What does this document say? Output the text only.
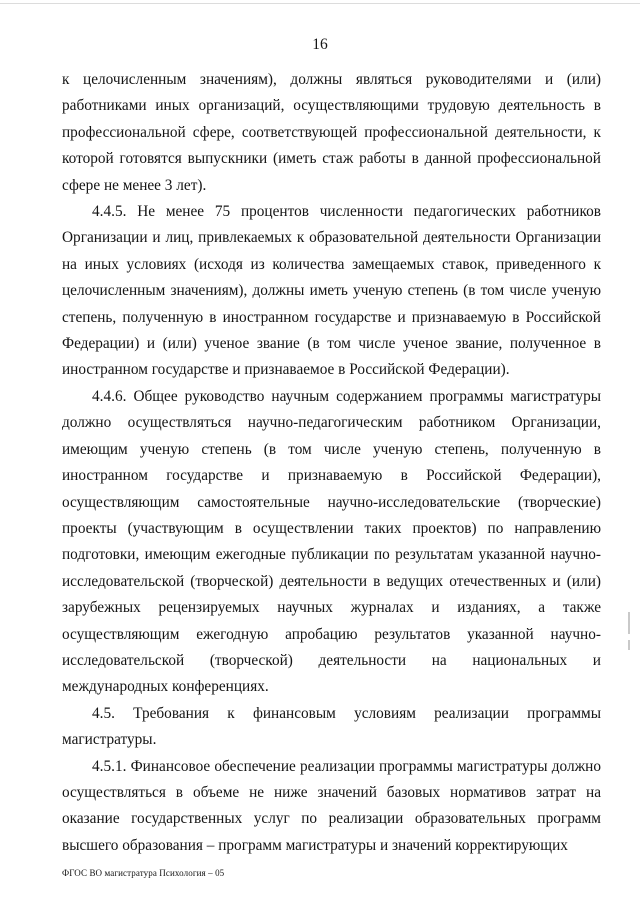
16

к целочисленным значениям), должны являться руководителями и (или) работниками иных организаций, осуществляющими трудовую деятельность в профессиональной сфере, соответствующей профессиональной деятельности, к которой готовятся выпускники (иметь стаж работы в данной профессиональной сфере не менее 3 лет).

4.4.5. Не менее 75 процентов численности педагогических работников Организации и лиц, привлекаемых к образовательной деятельности Организации на иных условиях (исходя из количества замещаемых ставок, приведенного к целочисленным значениям), должны иметь ученую степень (в том числе ученую степень, полученную в иностранном государстве и признаваемую в Российской Федерации) и (или) ученое звание (в том числе ученое звание, полученное в иностранном государстве и признаваемое в Российской Федерации).

4.4.6. Общее руководство научным содержанием программы магистратуры должно осуществляться научно-педагогическим работником Организации, имеющим ученую степень (в том числе ученую степень, полученную в иностранном государстве и признаваемую в Российской Федерации), осуществляющим самостоятельные научно-исследовательские (творческие) проекты (участвующим в осуществлении таких проектов) по направлению подготовки, имеющим ежегодные публикации по результатам указанной научно-исследовательской (творческой) деятельности в ведущих отечественных и (или) зарубежных рецензируемых научных журналах и изданиях, а также осуществляющим ежегодную апробацию результатов указанной научно-исследовательской (творческой) деятельности на национальных и международных конференциях.

4.5. Требования к финансовым условиям реализации программы магистратуры.

4.5.1. Финансовое обеспечение реализации программы магистратуры должно осуществляться в объеме не ниже значений базовых нормативов затрат на оказание государственных услуг по реализации образовательных программ высшего образования – программ магистратуры и значений корректирующих

ФГОС ВО магистратура Психология – 05
